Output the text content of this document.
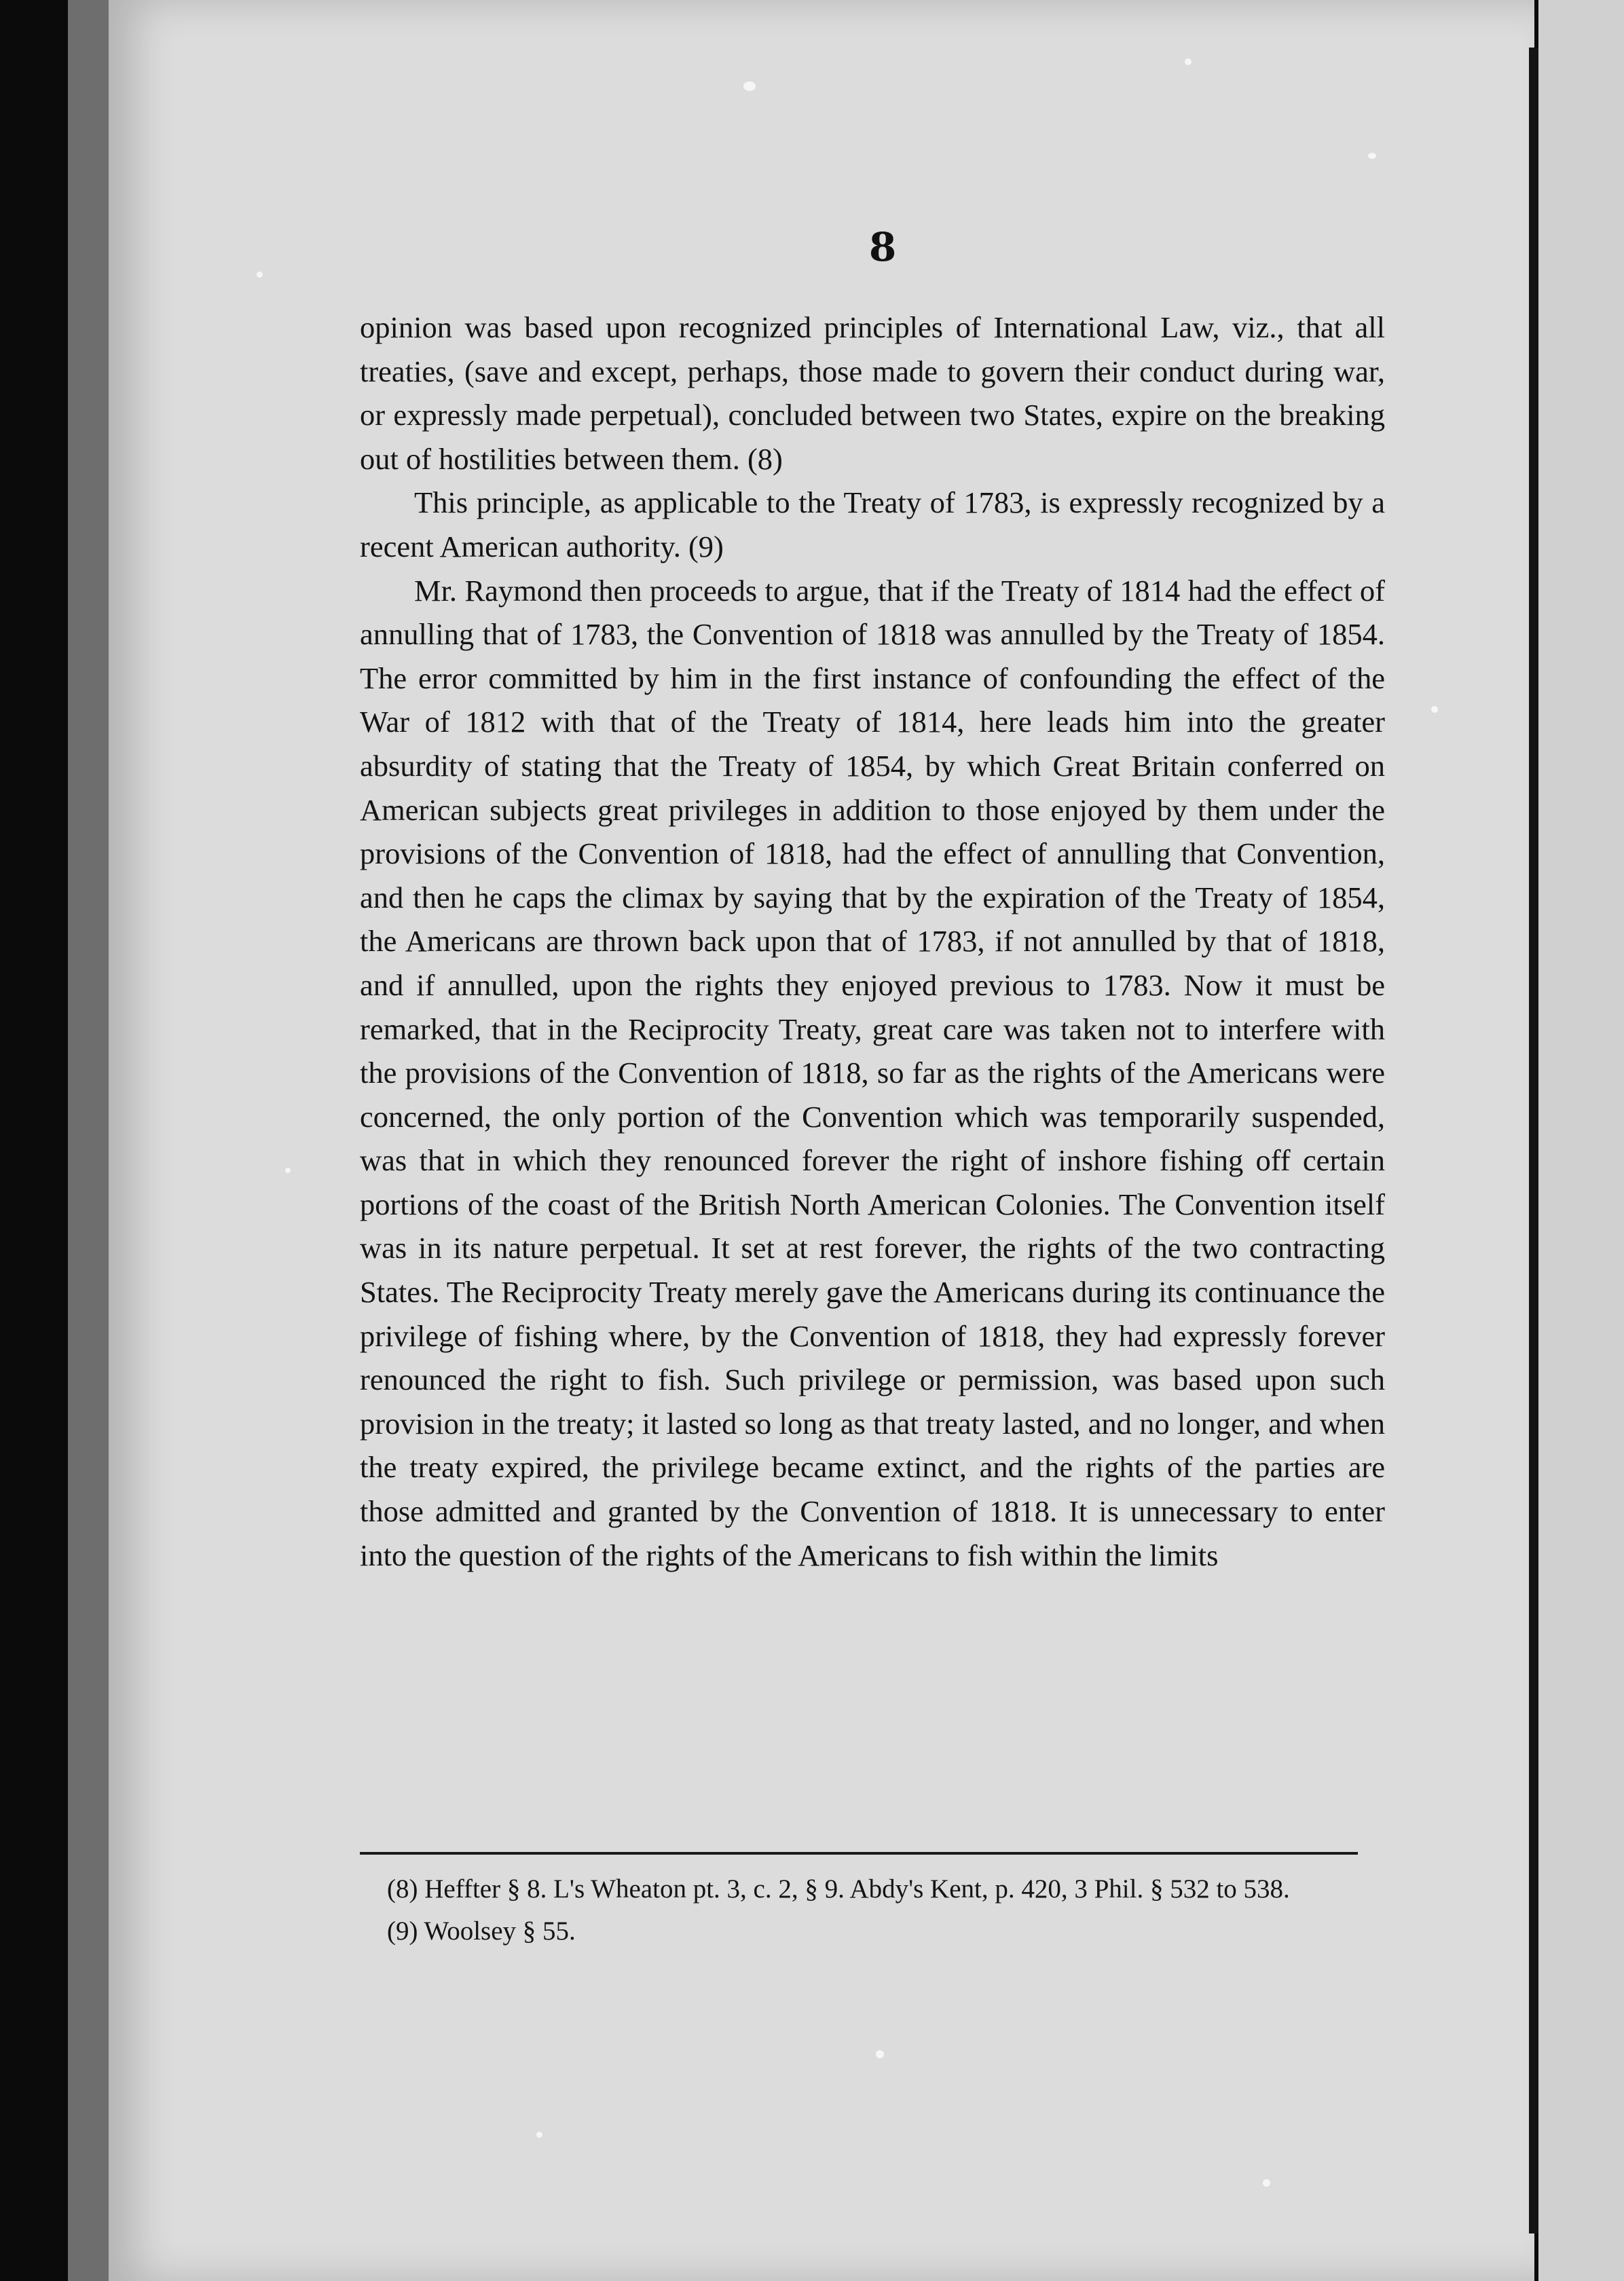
8

opinion was based upon recognized principles of International Law, viz., that all treaties, (save and except, perhaps, those made to govern their conduct during war, or expressly made perpetual), concluded between two States, expire on the breaking out of hostilities between them. (8)

This principle, as applicable to the Treaty of 1783, is expressly recognized by a recent American authority. (9)

Mr. Raymond then proceeds to argue, that if the Treaty of 1814 had the effect of annulling that of 1783, the Convention of 1818 was annulled by the Treaty of 1854. The error committed by him in the first instance of confounding the effect of the War of 1812 with that of the Treaty of 1814, here leads him into the greater absurdity of stating that the Treaty of 1854, by which Great Britain conferred on American subjects great privileges in addition to those enjoyed by them under the provisions of the Convention of 1818, had the effect of annulling that Convention, and then he caps the climax by saying that by the expiration of the Treaty of 1854, the Americans are thrown back upon that of 1783, if not annulled by that of 1818, and if annulled, upon the rights they enjoyed previous to 1783. Now it must be remarked, that in the Reciprocity Treaty, great care was taken not to interfere with the provisions of the Convention of 1818, so far as the rights of the Americans were concerned, the only portion of the Convention which was temporarily suspended, was that in which they renounced forever the right of inshore fishing off certain portions of the coast of the British North American Colonies. The Convention itself was in its nature perpetual. It set at rest forever, the rights of the two contracting States. The Reciprocity Treaty merely gave the Americans during its continuance the privilege of fishing where, by the Convention of 1818, they had expressly forever renounced the right to fish. Such privilege or permission, was based upon such provision in the treaty; it lasted so long as that treaty lasted, and no longer, and when the treaty expired, the privilege became extinct, and the rights of the parties are those admitted and granted by the Convention of 1818. It is unnecessary to enter into the question of the rights of the Americans to fish within the limits

(8) Heffter § 8. L's Wheaton pt. 3, c. 2, § 9. Abdy's Kent, p. 420, 3 Phil. § 532 to 538.

(9) Woolsey § 55.
